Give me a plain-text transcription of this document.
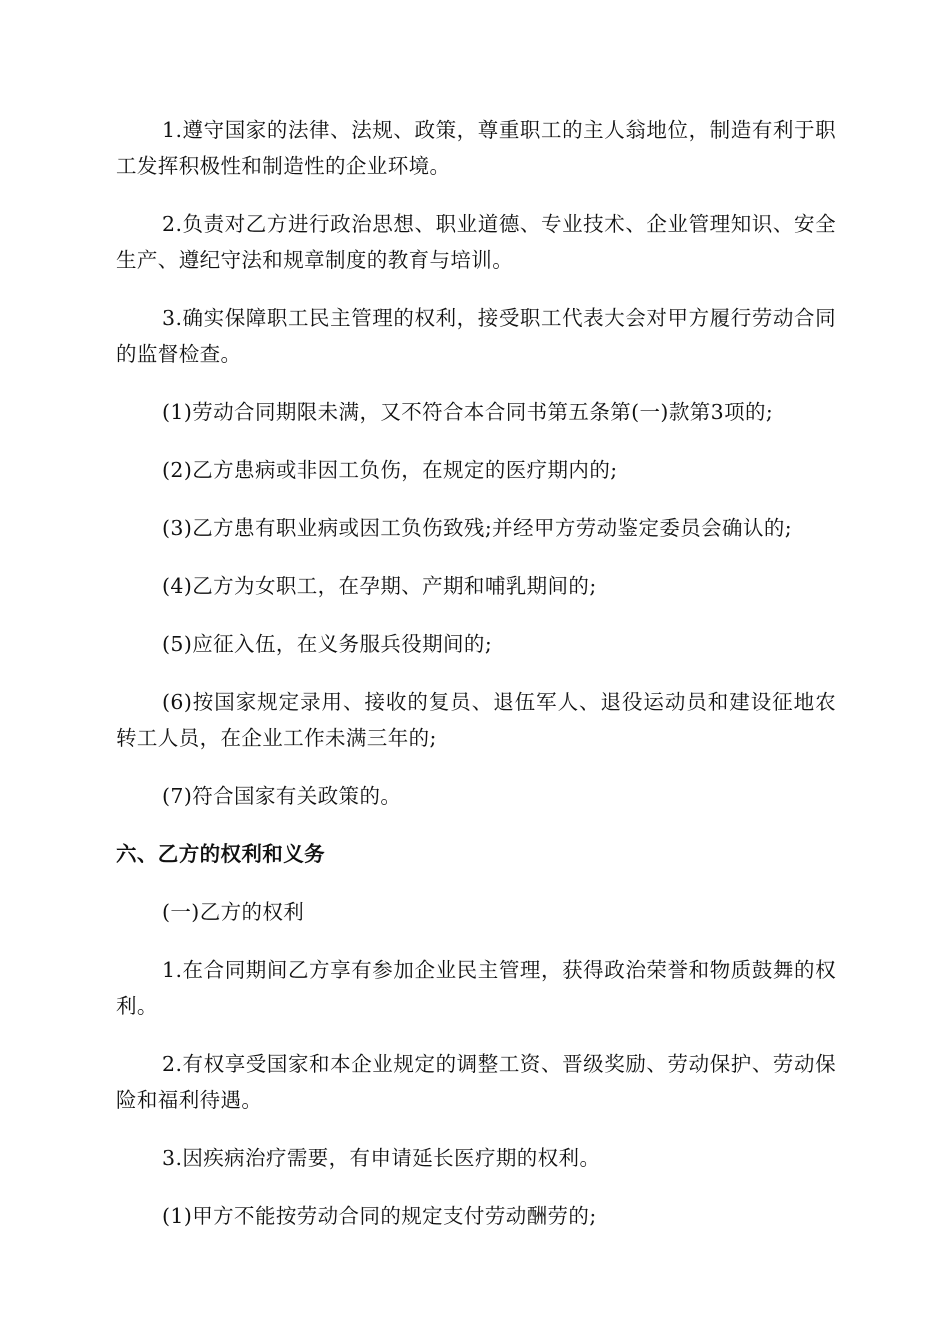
1.遵守国家的法律、法规、政策，尊重职工的主人翁地位，制造有利于职工发挥积极性和制造性的企业环境。

2.负责对乙方进行政治思想、职业道德、专业技术、企业管理知识、安全生产、遵纪守法和规章制度的教育与培训。

3.确实保障职工民主管理的权利，接受职工代表大会对甲方履行劳动合同的监督检查。

(1)劳动合同期限未满，又不符合本合同书第五条第(一)款第3项的;

(2)乙方患病或非因工负伤，在规定的医疗期内的;

(3)乙方患有职业病或因工负伤致残;并经甲方劳动鉴定委员会确认的;

(4)乙方为女职工，在孕期、产期和哺乳期间的;

(5)应征入伍，在义务服兵役期间的;

(6)按国家规定录用、接收的复员、退伍军人、退役运动员和建设征地农转工人员，在企业工作未满三年的;

(7)符合国家有关政策的。

六、乙方的权利和义务

(一)乙方的权利

1.在合同期间乙方享有参加企业民主管理，获得政治荣誉和物质鼓舞的权利。

2.有权享受国家和本企业规定的调整工资、晋级奖励、劳动保护、劳动保险和福利待遇。

3.因疾病治疗需要，有申请延长医疗期的权利。

(1)甲方不能按劳动合同的规定支付劳动酬劳的;
